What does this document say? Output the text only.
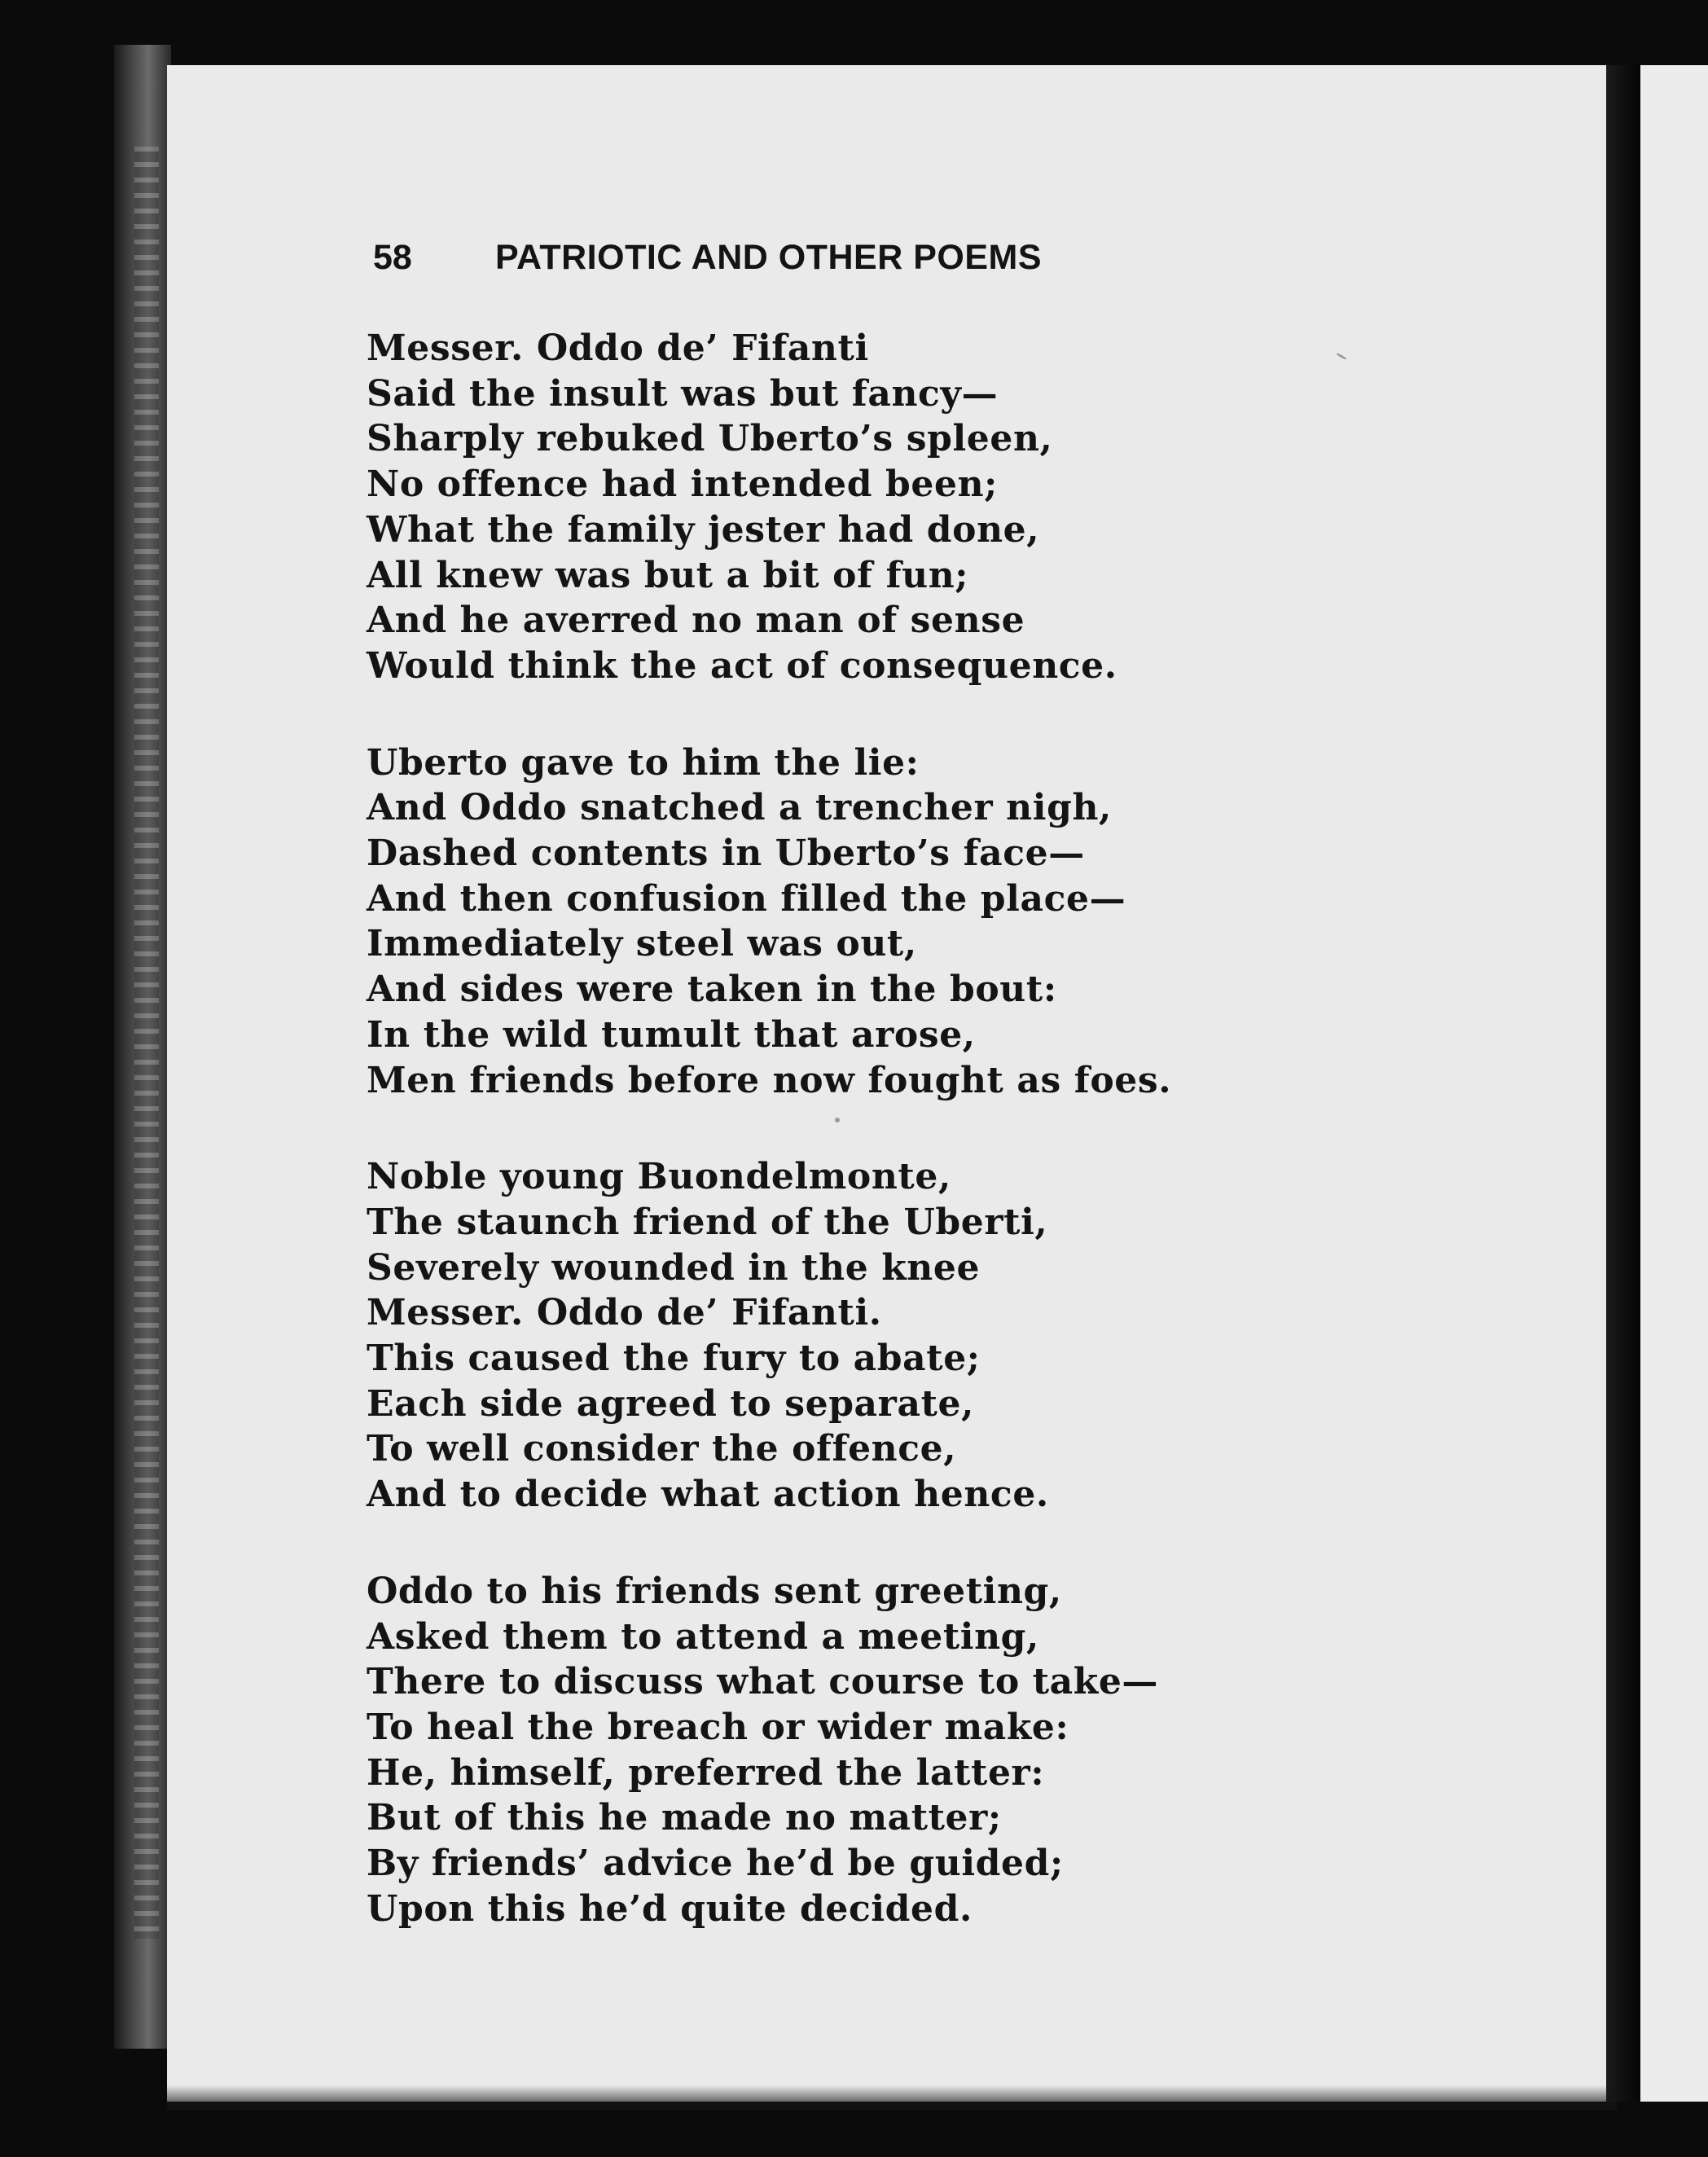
58 PATRIOTIC AND OTHER POEMS
Messer. Oddo de’ Fifanti
Said the insult was but fancy—
Sharply rebuked Uberto’s spleen,
No offence had intended been;
What the family jester had done,
All knew was but a bit of fun;
And he averred no man of sense
Would think the act of consequence.
Uberto gave to him the lie:
And Oddo snatched a trencher nigh,
Dashed contents in Uberto’s face—
And then confusion filled the place—
Immediately steel was out,
And sides were taken in the bout:
In the wild tumult that arose,
Men friends before now fought as foes.
Noble young Buondelmonte,
The staunch friend of the Uberti,
Severely wounded in the knee
Messer. Oddo de’ Fifanti.
This caused the fury to abate;
Each side agreed to separate,
To well consider the offence,
And to decide what action hence.
Oddo to his friends sent greeting,
Asked them to attend a meeting,
There to discuss what course to take—
To heal the breach or wider make:
He, himself, preferred the latter:
But of this he made no matter;
By friends’ advice he’d be guided;
Upon this he’d quite decided.
